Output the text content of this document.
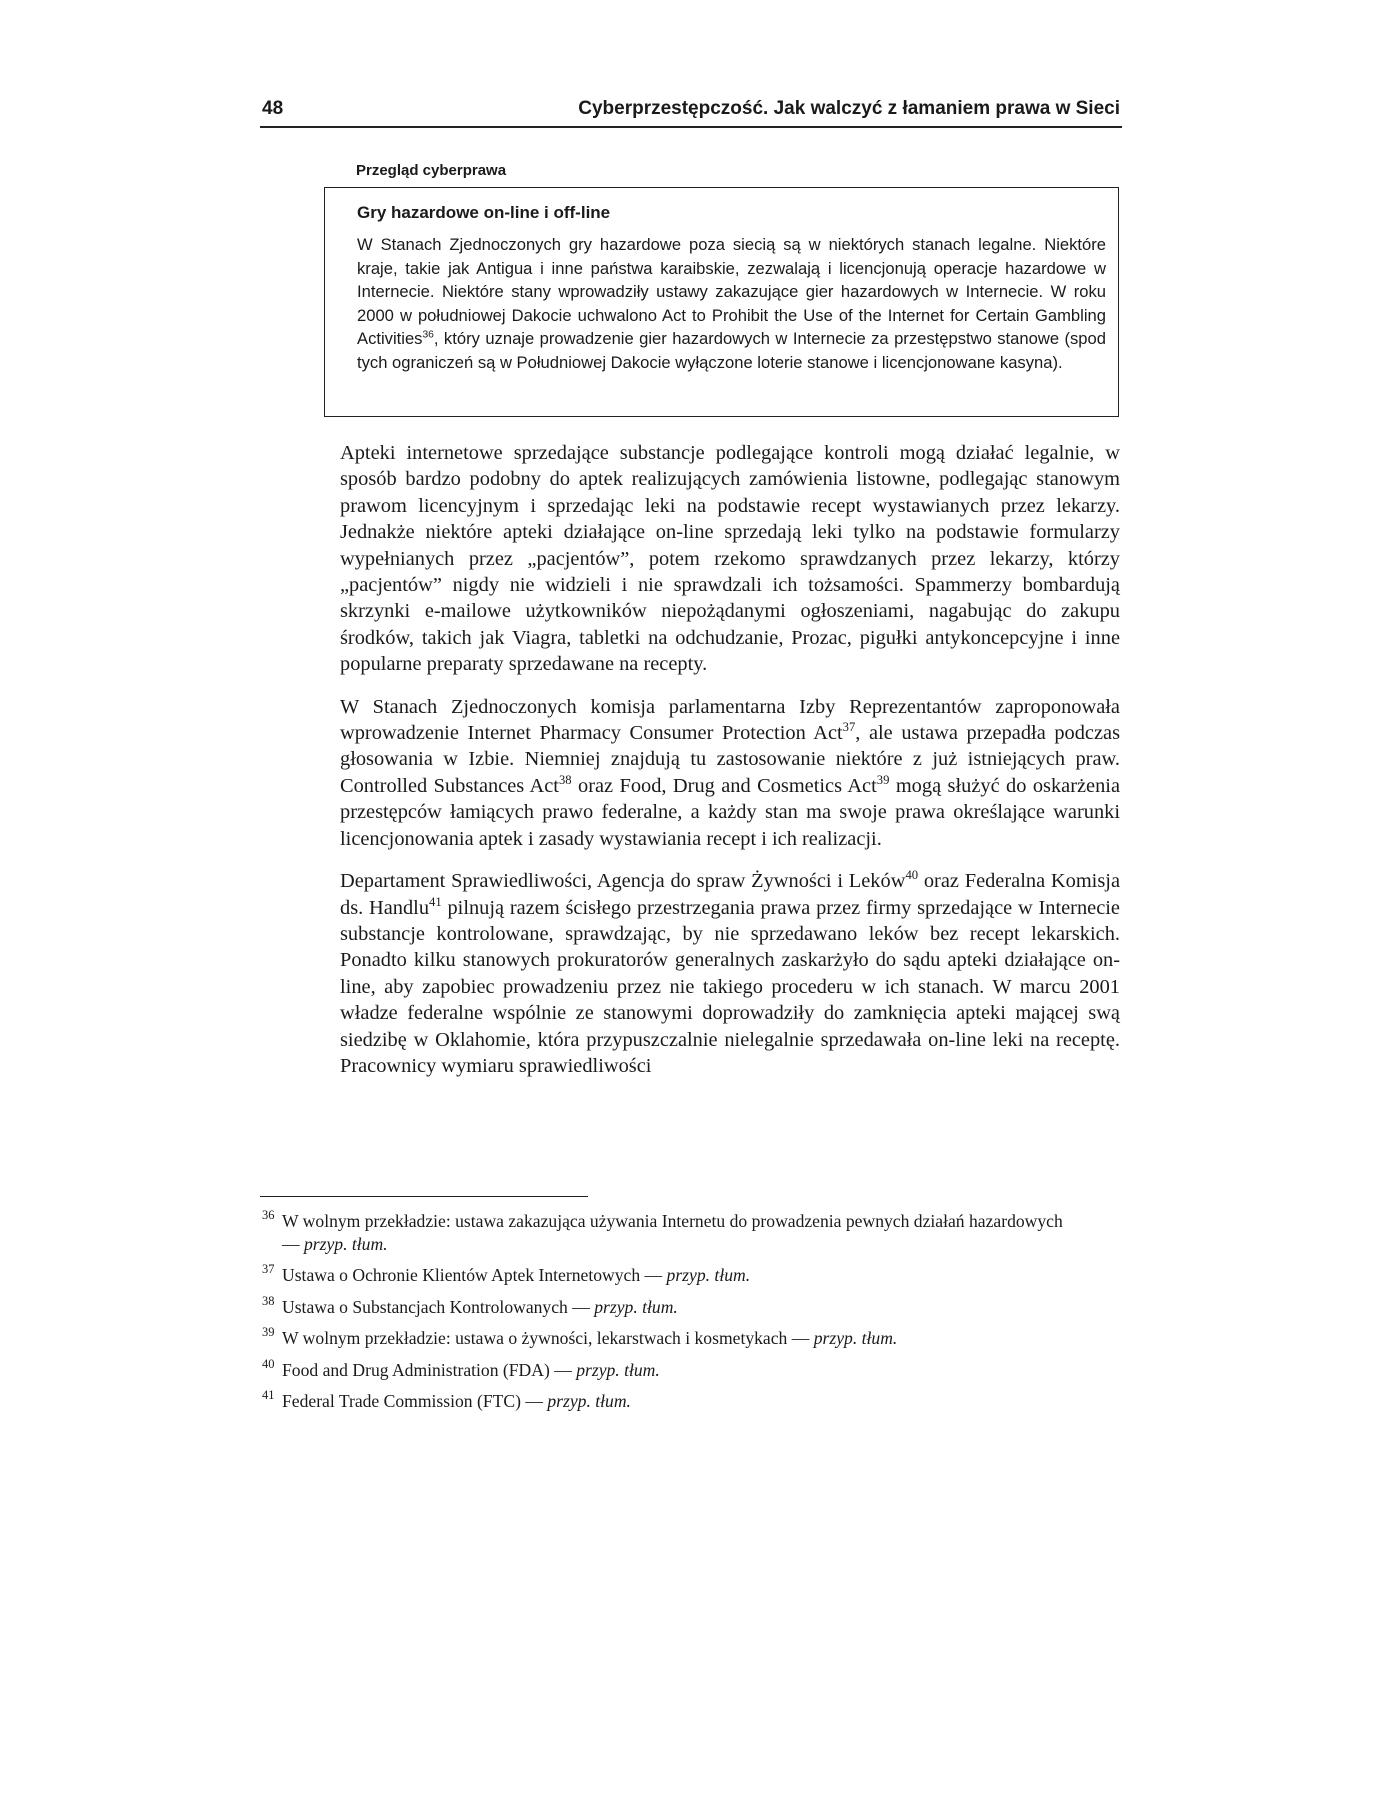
48	Cyberprzestępczość. Jak walczyć z łamaniem prawa w Sieci
Przegląd cyberprawa
Gry hazardowe on-line i off-line

W Stanach Zjednoczonych gry hazardowe poza siecią są w niektórych stanach legalne. Niektóre kraje, takie jak Antigua i inne państwa karaibskie, zezwalają i licencjonują operacje hazardowe w Internecie. Niektóre stany wprowadziły ustawy zakazujące gier hazardowych w Internecie. W roku 2000 w południowej Dakocie uchwalono Act to Prohibit the Use of the Internet for Certain Gambling Activities$^{36}$, który uznaje prowadzenie gier hazardowych w Internecie za przestępstwo stanowe (spod tych ograniczeń są w Południowej Dakocie wyłączone loterie stanowe i licencjonowane kasyna).

Apteki internetowe sprzedające substancje podlegające kontroli mogą działać legalnie, w sposób bardzo podobny do aptek realizujących zamówienia listowne, podlegając stanowym prawom licencyjnym i sprzedając leki na podstawie recept wystawianych przez lekarzy. Jednakże niektóre apteki działające on-line sprzedają leki tylko na podstawie formularzy wypełnianych przez „pacjentów”, potem rzekomo sprawdzanych przez lekarzy, którzy „pacjentów” nigdy nie widzieli i nie sprawdzali ich tożsamości. Spammerzy bombardują skrzynki e-mailowe użytkowników niepożądanymi ogłoszeniami, nagabując do zakupu środków, takich jak Viagra, tabletki na odchudzanie, Prozac, pigułki antykoncepcyjne i inne popularne preparaty sprzedawane na recepty.

W Stanach Zjednoczonych komisja parlamentarna Izby Reprezentantów zaproponowała wprowadzenie Internet Pharmacy Consumer Protection Act$^{37}$, ale ustawa przepadła podczas głosowania w Izbie. Niemniej znajdują tu zastosowanie niektóre z już istniejących praw. Controlled Substances Act$^{38}$ oraz Food, Drug and Cosmetics Act$^{39}$ mogą służyć do oskarżenia przestępców łamiących prawo federalne, a każdy stan ma swoje prawa określające warunki licencjonowania aptek i zasady wystawiania recept i ich realizacji.

Departament Sprawiedliwości, Agencja do spraw Żywności i Leków$^{40}$ oraz Federalna Komisja ds. Handlu$^{41}$ pilnują razem ścisłego przestrzegania prawa przez firmy sprzedające w Internecie substancje kontrolowane, sprawdzając, by nie sprzedawano leków bez recept lekarskich. Ponadto kilku stanowych prokuratorów generalnych zaskarżyło do sądu apteki działające on-line, aby zapobiec prowadzeniu przez nie takiego procederu w ich stanach. W marcu 2001 władze federalne wspólnie ze stanowymi doprowadziły do zamknięcia apteki mającej swą siedzibę w Oklahomie, która przypuszczalnie nielegalnie sprzedawała on-line leki na receptę. Pracownicy wymiaru sprawiedliwości

36 W wolnym przekładzie: ustawa zakazująca używania Internetu do prowadzenia pewnych działań hazardowych — przyp. tłum.
37 Ustawa o Ochronie Klientów Aptek Internetowych — przyp. tłum.
38 Ustawa o Substancjach Kontrolowanych — przyp. tłum.
39 W wolnym przekładzie: ustawa o żywności, lekarstwach i kosmetykach — przyp. tłum.
40 Food and Drug Administration (FDA) — przyp. tłum.
41 Federal Trade Commission (FTC) — przyp. tłum.
